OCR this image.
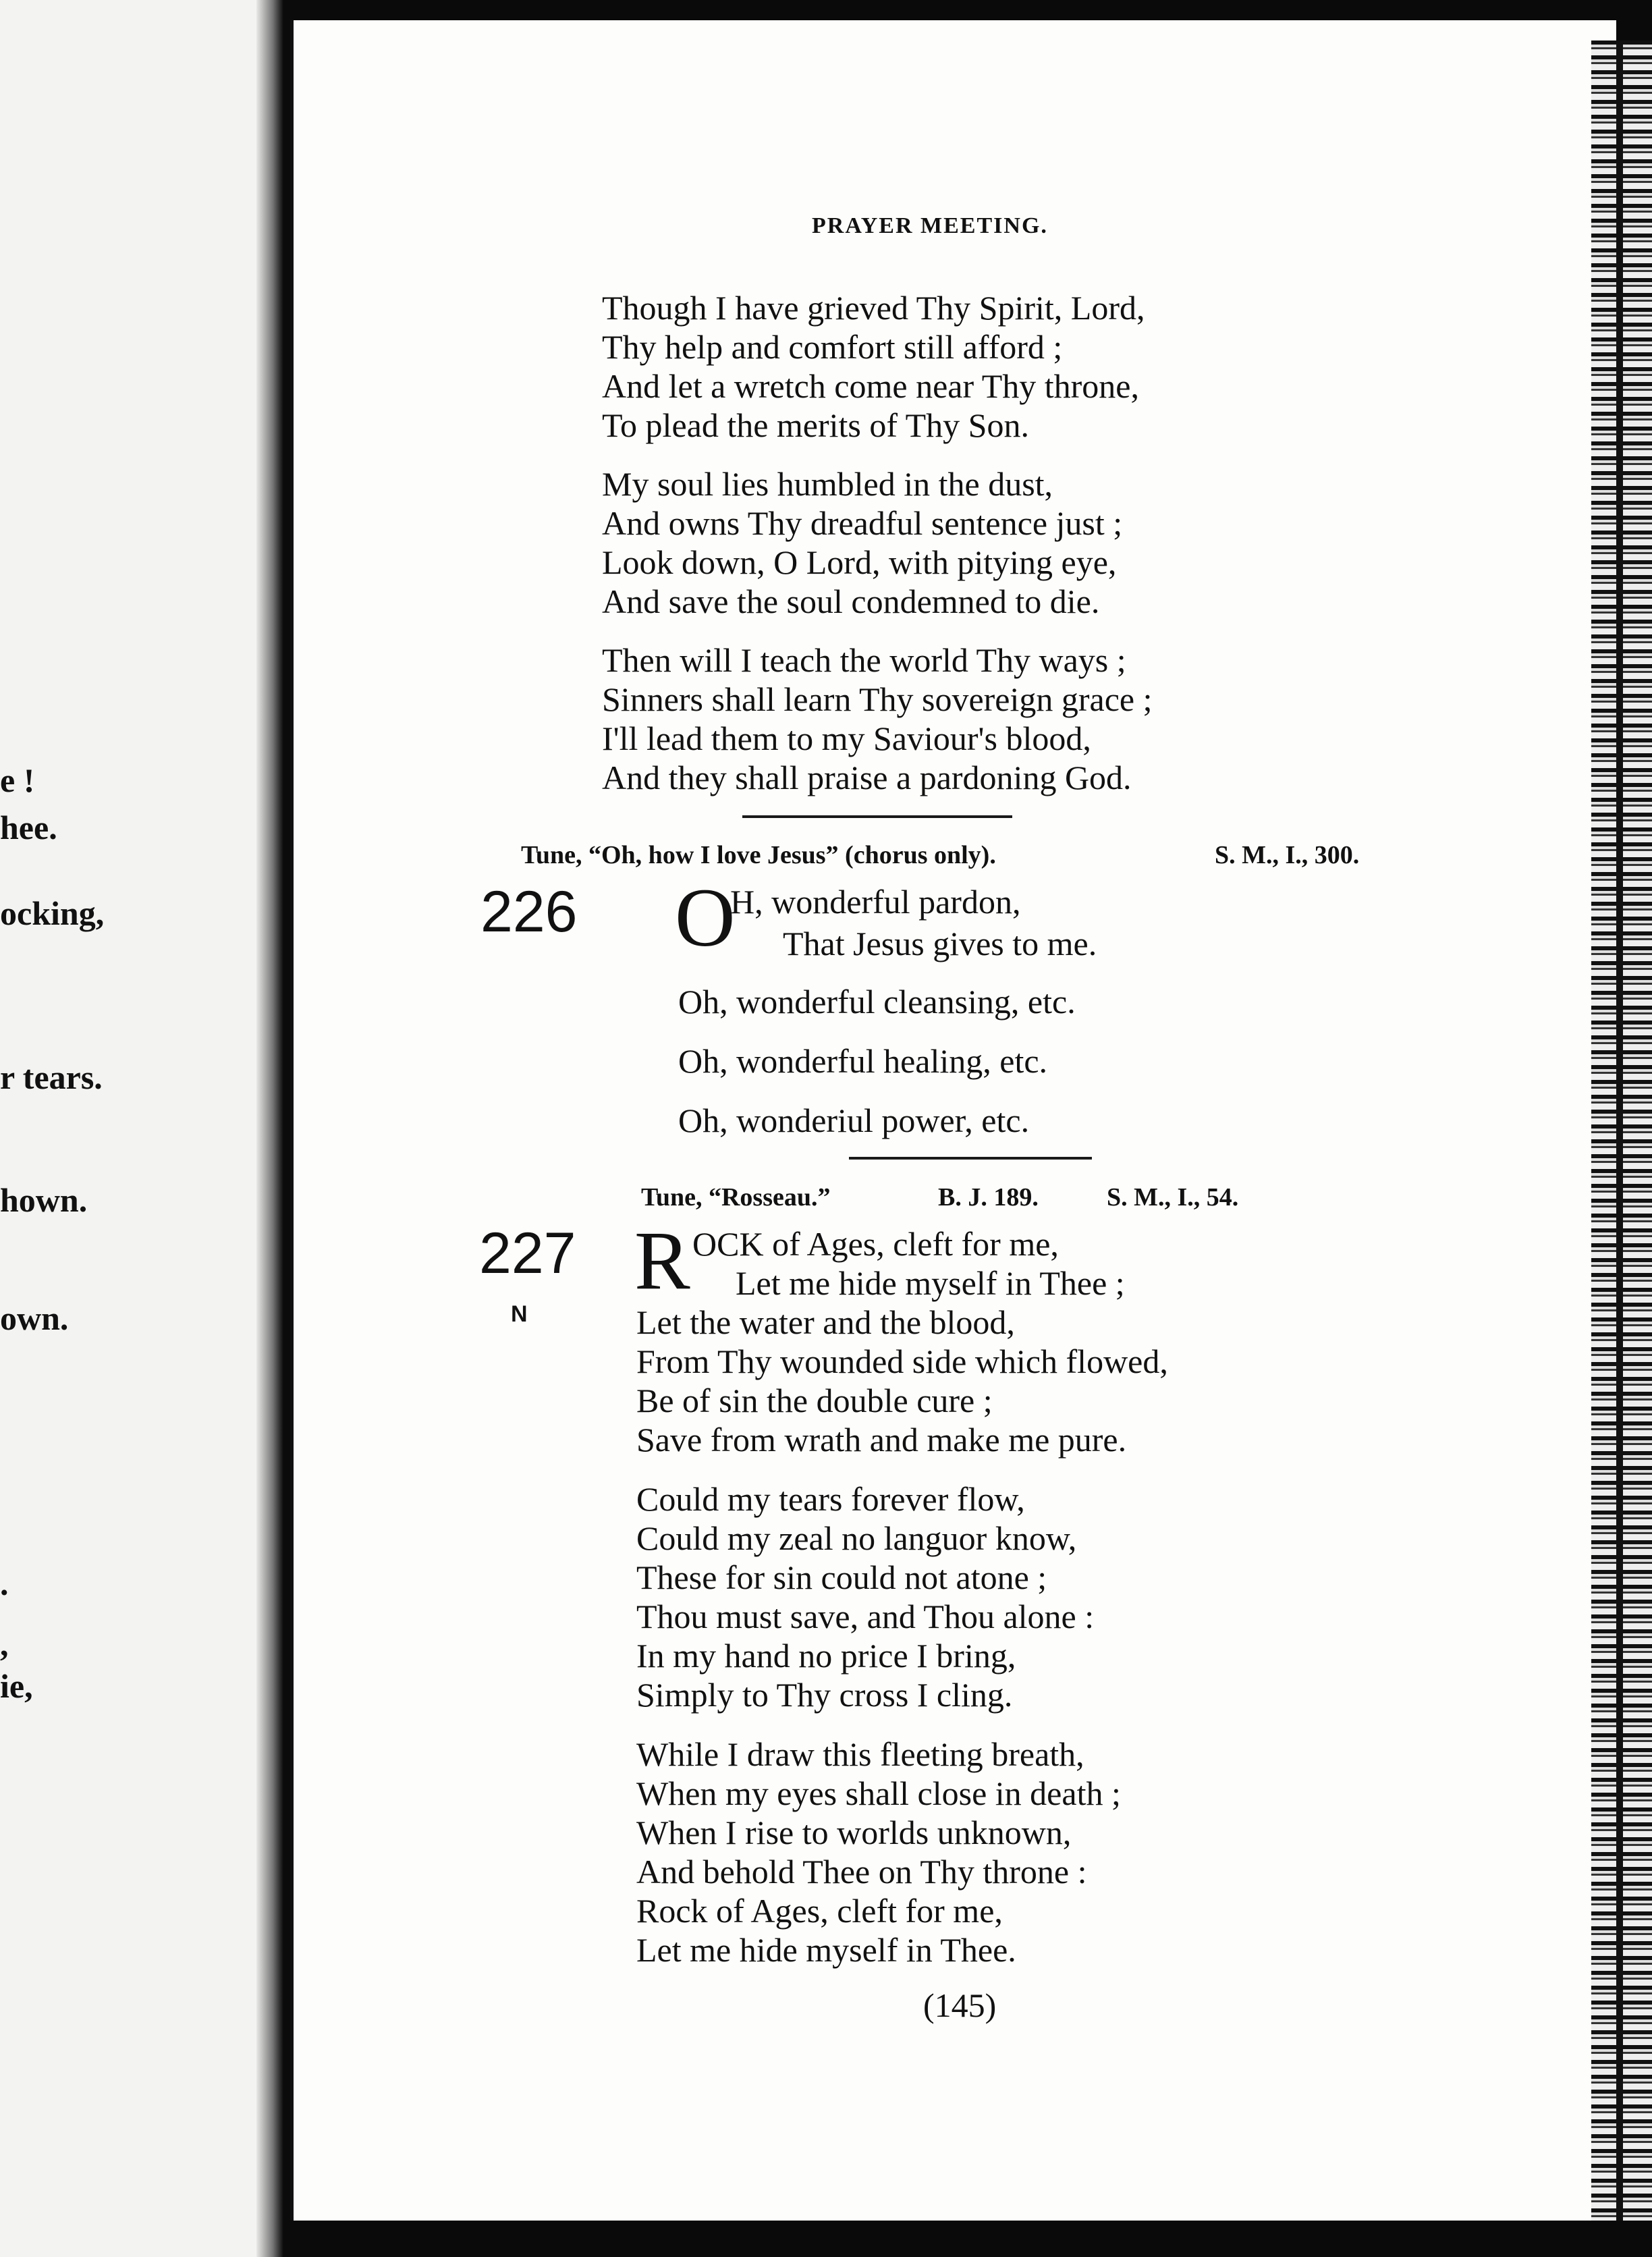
e !
hee.
ocking,
r tears.
hown.
own.
.
,
ie,
PRAYER MEETING.
Though I have grieved Thy Spirit, Lord,
Thy help and comfort still afford ;
And let a wretch come near Thy throne,
To plead the merits of Thy Son.
My soul lies humbled in the dust,
And owns Thy dreadful sentence just ;
Look down, O Lord, with pitying eye,
And save the soul condemned to die.
Then will I teach the world Thy ways ;
Sinners shall learn Thy sovereign grace ;
I'll lead them to my Saviour's blood,
And they shall praise a pardoning God.
Tune, “Oh, how I love Jesus” (chorus only).	S. M., I., 300.
226 O
H, wonderful pardon,
That Jesus gives to me.
Oh, wonderful cleansing, etc.
Oh, wonderful healing, etc.
Oh, wonderiul power, etc.
Tune, “Rosseau.”	B. J. 189.	S. M., I., 54.
227
N
R OCK of Ages, cleft for me,
Let me hide myself in Thee ;
Let the water and the blood,
From Thy wounded side which flowed,
Be of sin the double cure ;
Save from wrath and make me pure.
Could my tears forever flow,
Could my zeal no languor know,
These for sin could not atone ;
Thou must save, and Thou alone :
In my hand no price I bring,
Simply to Thy cross I cling.
While I draw this fleeting breath,
When my eyes shall close in death ;
When I rise to worlds unknown,
And behold Thee on Thy throne :
Rock of Ages, cleft for me,
Let me hide myself in Thee.
(145)
